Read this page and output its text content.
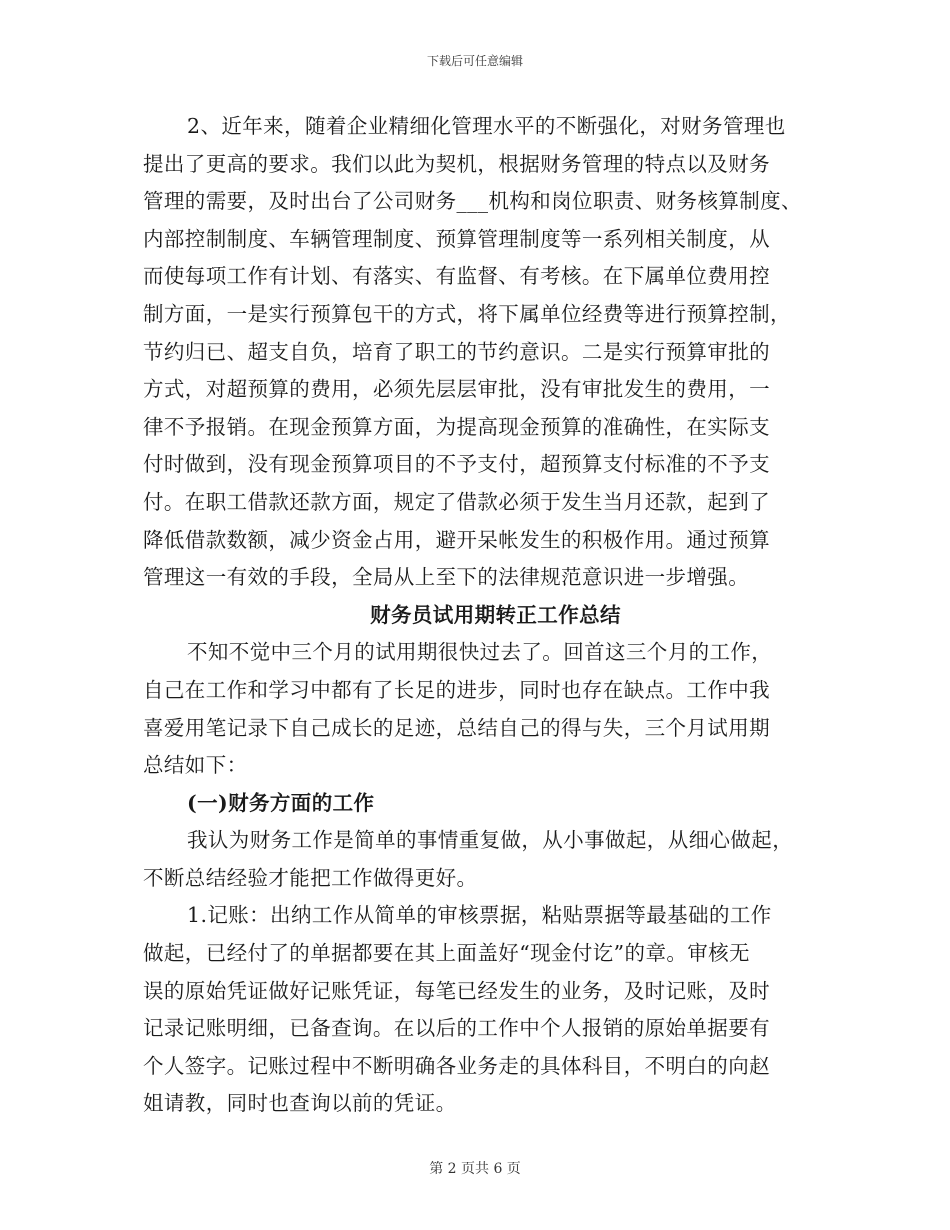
下载后可任意编辑
2、近年来，随着企业精细化管理水平的不断强化，对财务管理也
提出了更高的要求。我们以此为契机，根据财务管理的特点以及财务
管理的需要，及时出台了公司财务___机构和岗位职责、财务核算制度、
内部控制制度、车辆管理制度、预算管理制度等一系列相关制度，从
而使每项工作有计划、有落实、有监督、有考核。在下属单位费用控
制方面，一是实行预算包干的方式，将下属单位经费等进行预算控制，
节约归已、超支自负，培育了职工的节约意识。二是实行预算审批的
方式，对超预算的费用，必须先层层审批，没有审批发生的费用，一
律不予报销。在现金预算方面，为提高现金预算的准确性，在实际支
付时做到，没有现金预算项目的不予支付，超预算支付标准的不予支
付。在职工借款还款方面，规定了借款必须于发生当月还款，起到了
降低借款数额，减少资金占用，避开呆帐发生的积极作用。通过预算
管理这一有效的手段，全局从上至下的法律规范意识进一步增强。
财务员试用期转正工作总结
不知不觉中三个月的试用期很快过去了。回首这三个月的工作，
自己在工作和学习中都有了长足的进步，同时也存在缺点。工作中我
喜爱用笔记录下自己成长的足迹，总结自己的得与失，三个月试用期
总结如下：
(一)财务方面的工作
我认为财务工作是简单的事情重复做，从小事做起，从细心做起，
不断总结经验才能把工作做得更好。
1.记账：出纳工作从简单的审核票据，粘贴票据等最基础的工作
做起，已经付了的单据都要在其上面盖好“现金付讫”的章。审核无
误的原始凭证做好记账凭证，每笔已经发生的业务，及时记账，及时
记录记账明细，已备查询。在以后的工作中个人报销的原始单据要有
个人签字。记账过程中不断明确各业务走的具体科目，不明白的向赵
姐请教，同时也查询以前的凭证。
第 2 页共 6 页
